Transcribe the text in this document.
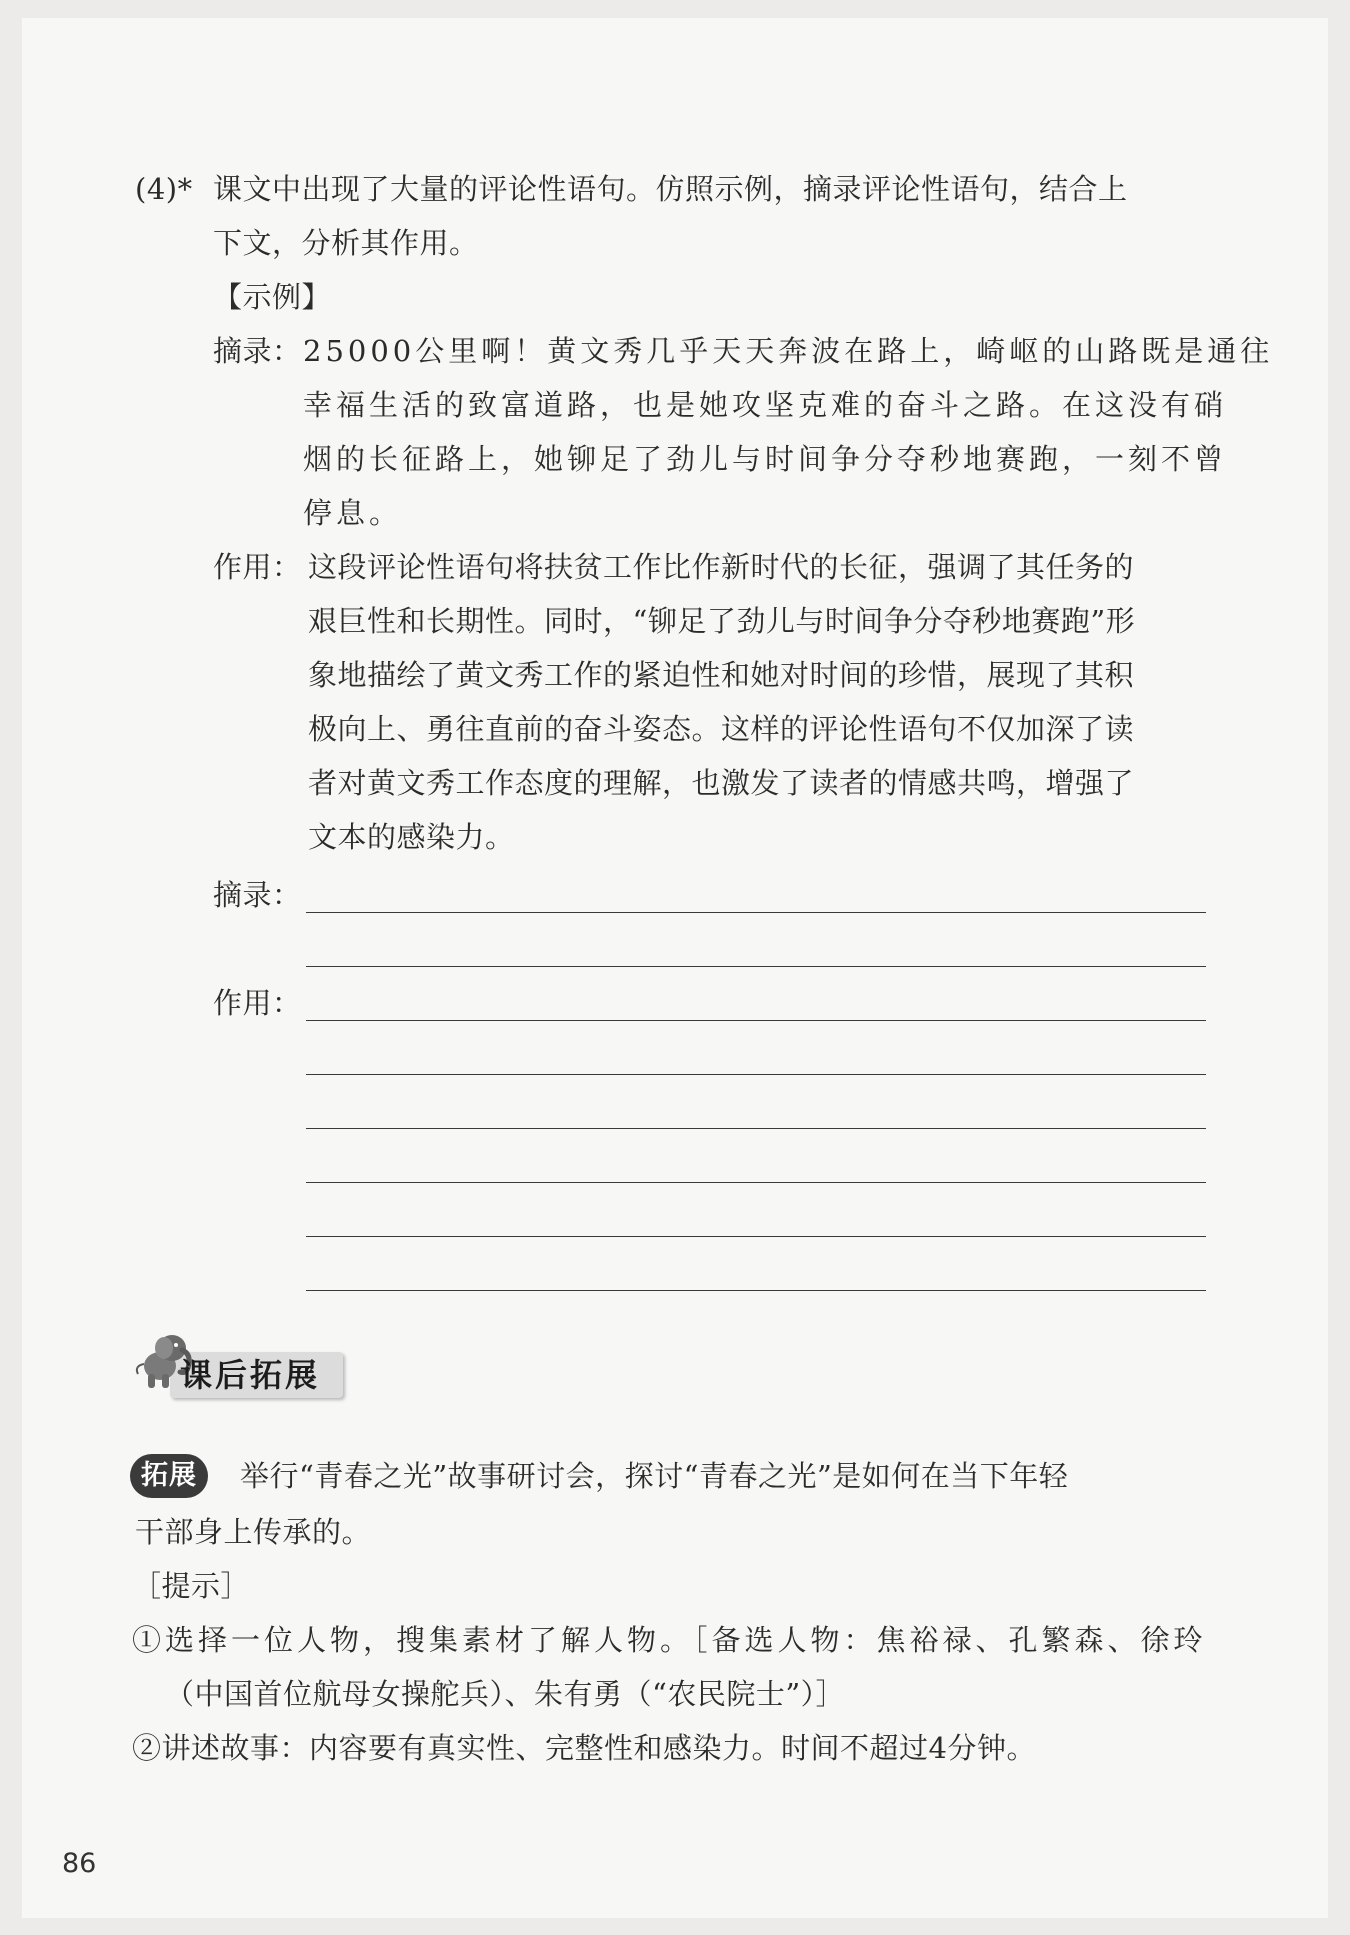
(4)* 课文中出现了大量的评论性语句。仿照示例，摘录评论性语句，结合上
下文，分析其作用。
【示例】
摘录： 25000公里啊！黄文秀几乎天天奔波在路上，崎岖的山路既是通往
幸福生活的致富道路，也是她攻坚克难的奋斗之路。在这没有硝
烟的长征路上，她铆足了劲儿与时间争分夺秒地赛跑，一刻不曾
停息。
作用： 这段评论性语句将扶贫工作比作新时代的长征，强调了其任务的
艰巨性和长期性。同时，“铆足了劲儿与时间争分夺秒地赛跑”形
象地描绘了黄文秀工作的紧迫性和她对时间的珍惜，展现了其积
极向上、勇往直前的奋斗姿态。这样的评论性语句不仅加深了读
者对黄文秀工作态度的理解，也激发了读者的情感共鸣，增强了
文本的感染力。
摘录：
作用：
课后拓展
拓展	举行“青春之光”故事研讨会，探讨“青春之光”是如何在当下年轻
干部身上传承的。
［提示］
①选择一位人物，搜集素材了解人物。［备选人物：焦裕禄、孔繁森、徐玲
（中国首位航母女操舵兵）、朱有勇（“农民院士”）］
②讲述故事：内容要有真实性、完整性和感染力。时间不超过4分钟。
86
